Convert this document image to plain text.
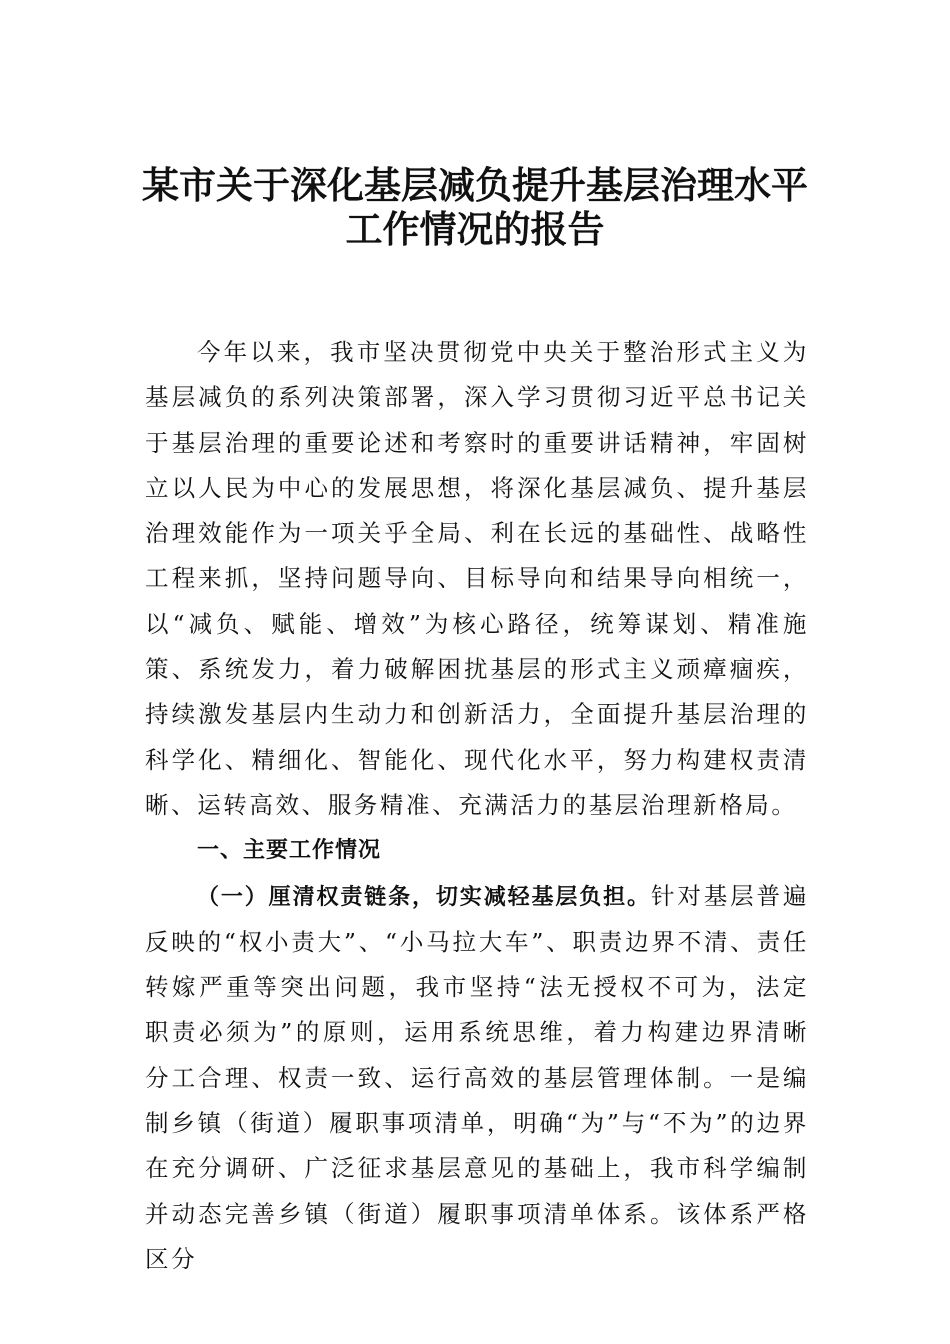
某市关于深化基层减负提升基层治理水平
工作情况的报告

今年以来，我市坚决贯彻党中央关于整治形式主义为基层减负的系列决策部署，深入学习贯彻习近平总书记关于基层治理的重要论述和考察时的重要讲话精神，牢固树立以人民为中心的发展思想，将深化基层减负、提升基层治理效能作为一项关乎全局、利在长远的基础性、战略性工程来抓，坚持问题导向、目标导向和结果导向相统一，以“减负、赋能、增效”为核心路径，统筹谋划、精准施策、系统发力，着力破解困扰基层的形式主义顽瘴痼疾，持续激发基层内生动力和创新活力，全面提升基层治理的科学化、精细化、智能化、现代化水平，努力构建权责清晰、运转高效、服务精准、充满活力的基层治理新格局。

一、主要工作情况

（一）厘清权责链条，切实减轻基层负担。针对基层普遍反映的“权小责大”、“小马拉大车”、职责边界不清、责任转嫁严重等突出问题，我市坚持“法无授权不可为，法定职责必须为”的原则，运用系统思维，着力构建边界清晰分工合理、权责一致、运行高效的基层管理体制。一是编制乡镇（街道）履职事项清单，明确“为”与“不为”的边界在充分调研、广泛征求基层意见的基础上，我市科学编制并动态完善乡镇（街道）履职事项清单体系。该体系严格区分
